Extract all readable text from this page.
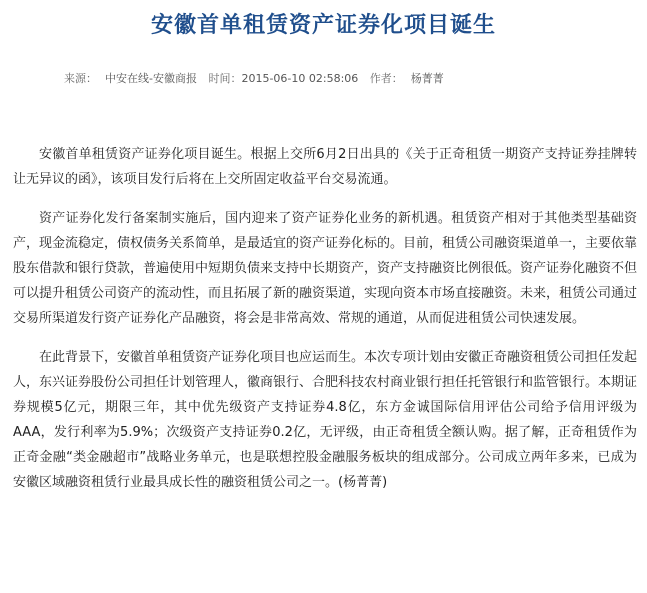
安徽首单租赁资产证券化项目诞生
来源： 中安在线-安徽商报 时间：2015-06-10 02:58:06 作者： 杨菁菁

安徽首单租赁资产证券化项目诞生。根据上交所6月2日出具的《关于正奇租赁一期资产支持证券挂牌转让无异议的函》，该项目发行后将在上交所固定收益平台交易流通。

资产证券化发行备案制实施后，国内迎来了资产证券化业务的新机遇。租赁资产相对于其他类型基础资产，现金流稳定，债权债务关系简单，是最适宜的资产证券化标的。目前，租赁公司融资渠道单一，主要依靠股东借款和银行贷款，普遍使用中短期负债来支持中长期资产，资产支持融资比例很低。资产证券化融资不但可以提升租赁公司资产的流动性，而且拓展了新的融资渠道，实现向资本市场直接融资。未来，租赁公司通过交易所渠道发行资产证券化产品融资，将会是非常高效、常规的通道，从而促进租赁公司快速发展。

在此背景下，安徽首单租赁资产证券化项目也应运而生。本次专项计划由安徽正奇融资租赁公司担任发起人，东兴证券股份公司担任计划管理人，徽商银行、合肥科技农村商业银行担任托管银行和监管银行。本期证券规模5亿元，期限三年，其中优先级资产支持证券4.8亿，东方金诚国际信用评估公司给予信用评级为AAA，发行利率为5.9%；次级资产支持证券0.2亿，无评级，由正奇租赁全额认购。据了解，正奇租赁作为正奇金融“类金融超市”战略业务单元，也是联想控股金融服务板块的组成部分。公司成立两年多来，已成为安徽区域融资租赁行业最具成长性的融资租赁公司之一。(杨菁菁)
